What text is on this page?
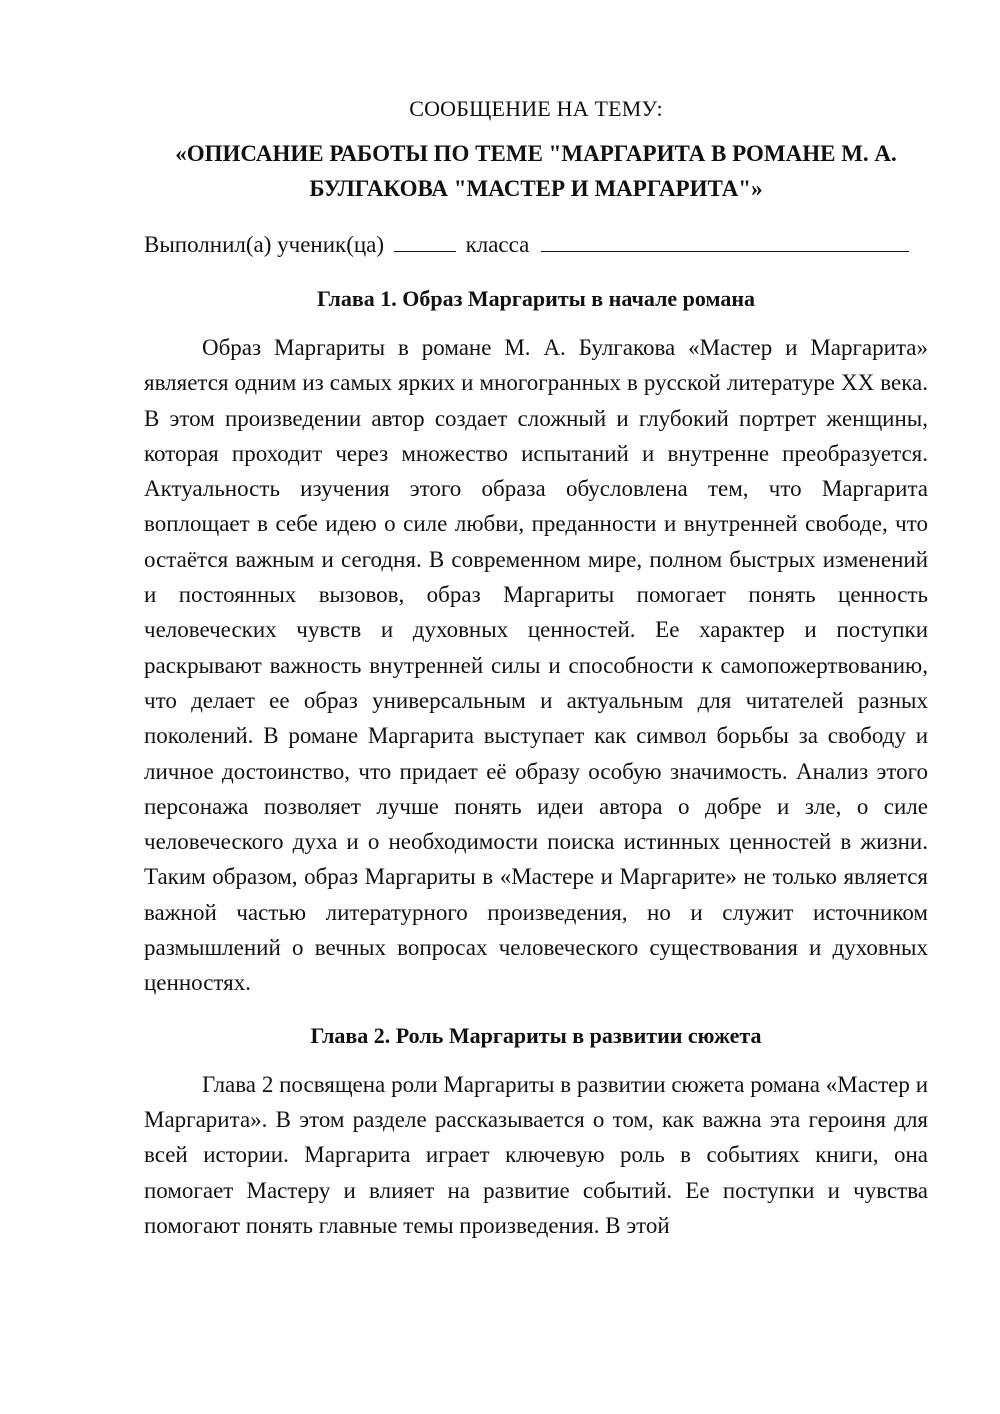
СООБЩЕНИЕ НА ТЕМУ:

«ОПИСАНИЕ РАБОТЫ ПО ТЕМЕ "МАРГАРИТА В РОМАНЕ М. А. БУЛГАКОВА "МАСТЕР И МАРГАРИТА"»

Выполнил(а) ученик(ца)	класса

Глава 1. Образ Маргариты в начале романа

Образ Маргариты в романе М. А. Булгакова «Мастер и Маргарита» является одним из самых ярких и многогранных в русской литературе XX века. В этом произведении автор создает сложный и глубокий портрет женщины, которая проходит через множество испытаний и внутренне преобразуется. Актуальность изучения этого образа обусловлена тем, что Маргарита воплощает в себе идею о силе любви, преданности и внутренней свободе, что остаётся важным и сегодня. В современном мире, полном быстрых изменений и постоянных вызовов, образ Маргариты помогает понять ценность человеческих чувств и духовных ценностей. Ее характер и поступки раскрывают важность внутренней силы и способности к самопожертвованию, что делает ее образ универсальным и актуальным для читателей разных поколений. В романе Маргарита выступает как символ борьбы за свободу и личное достоинство, что придает её образу особую значимость. Анализ этого персонажа позволяет лучше понять идеи автора о добре и зле, о силе человеческого духа и о необходимости поиска истинных ценностей в жизни. Таким образом, образ Маргариты в «Мастере и Маргарите» не только является важной частью литературного произведения, но и служит источником размышлений о вечных вопросах человеческого существования и духовных ценностях.

Глава 2. Роль Маргариты в развитии сюжета

Глава 2 посвящена роли Маргариты в развитии сюжета романа «Мастер и Маргарита». В этом разделе рассказывается о том, как важна эта героиня для всей истории. Маргарита играет ключевую роль в событиях книги, она помогает Мастеру и влияет на развитие событий. Ее поступки и чувства помогают понять главные темы произведения. В этой
